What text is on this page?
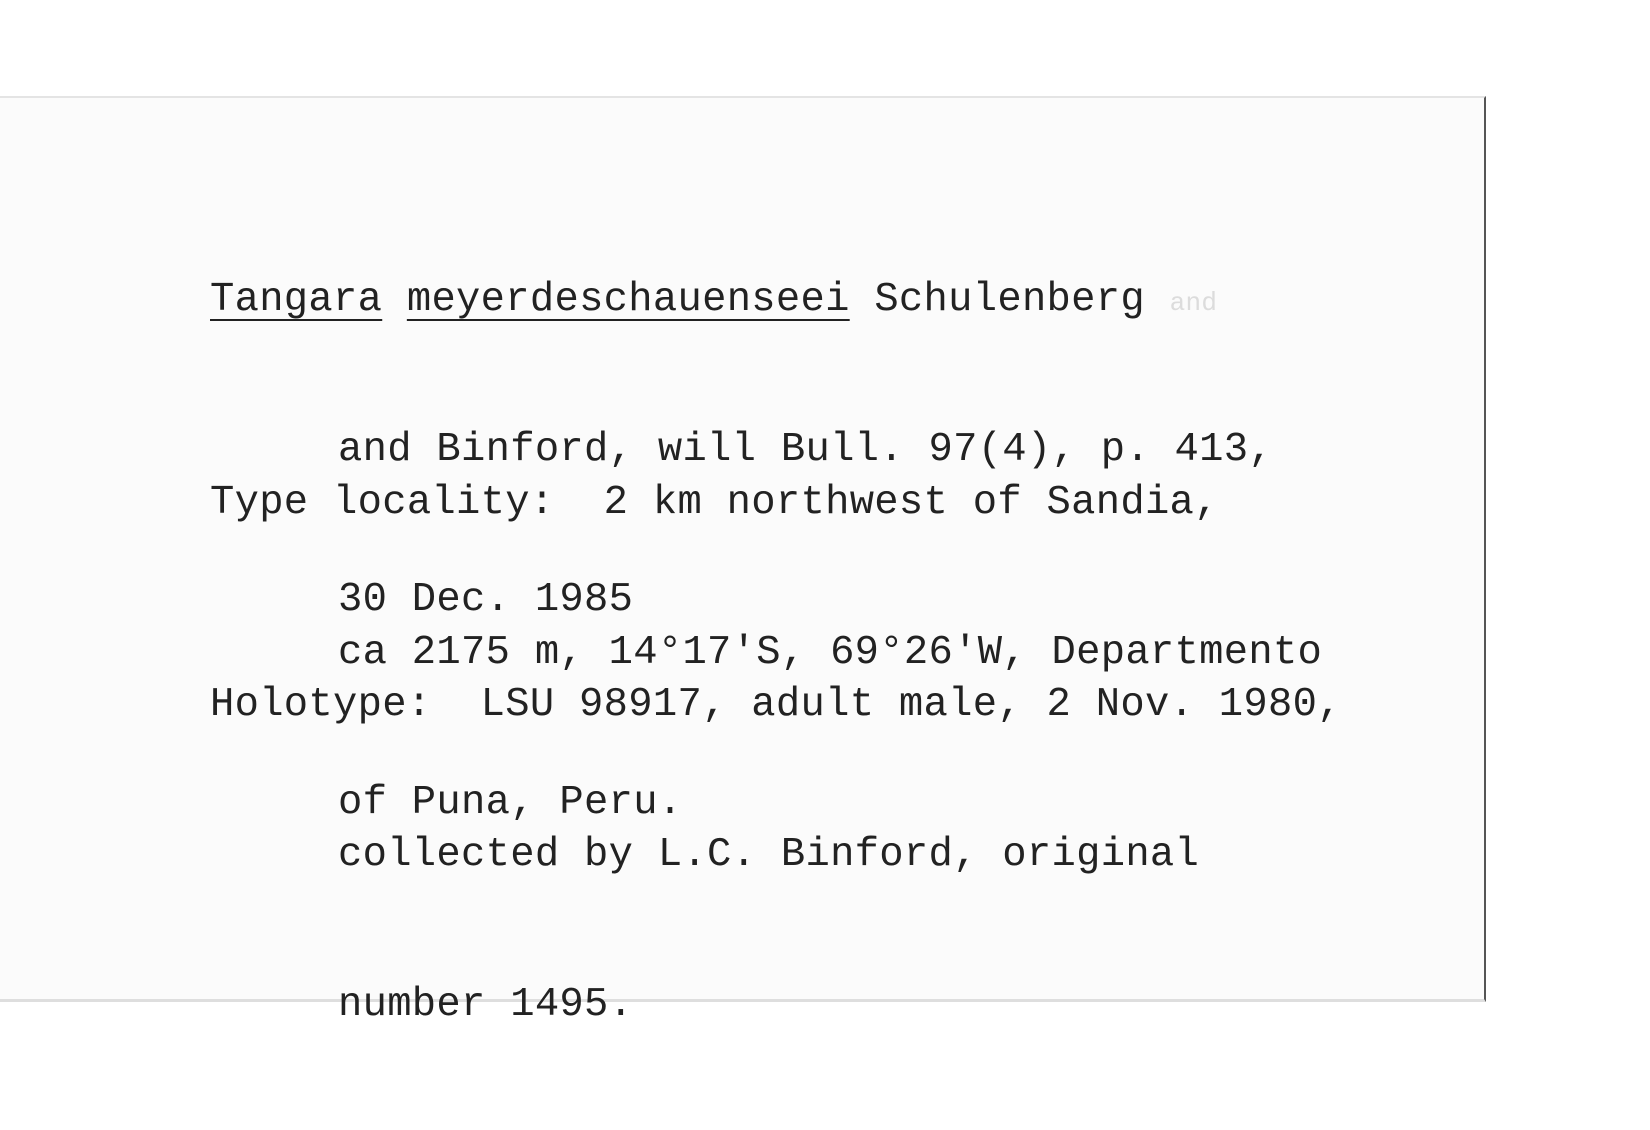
Tangara meyerdeschauenseei Schulenberg and

and Binford, will Bull. 97(4), p. 413,

30 Dec. 1985

Type locality:  2 km northwest of Sandia,

ca 2175 m, 14°17'S, 69°26'W, Departmento

of Puna, Peru.

Holotype:  LSU 98917, adult male, 2 Nov. 1980,

collected by L.C. Binford, original

number 1495.
